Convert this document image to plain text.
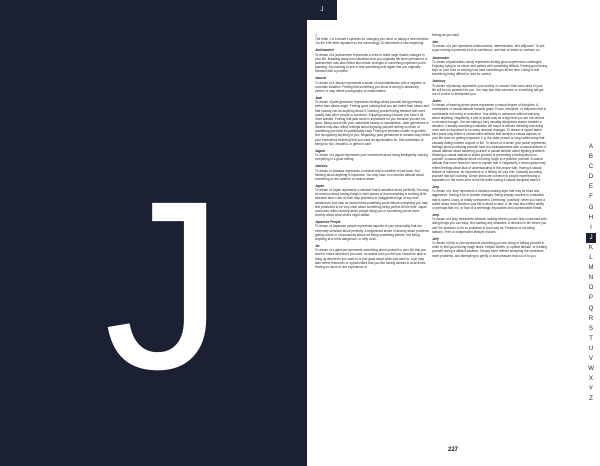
J
J
J
The letter J is a dream's symbols for changing you mind, or taking a new direction. J is the 10th letter alphabet so the numerology 10 represents a new beginning.
Jackhammer
To dream of a jackhammer represents a need to make large drastic changes in your life. Breaking away from situations that you originally felt were permanent. A jackhammer may also reflect last minute changes to something important you're planning. Not wanting to see or feel something ever again that you originally followed with a problem.
Jacuzzi
To dream of a Jacuzzi represents a sense of total satisfaction with a negative or uncertain situation. Feeling that something you know is wrong is absolutely perfect. It may reflect pornography or masturbation.
Jade
To dream of jade gemstone represents feelings about yourself being perfectly better than others might. Feeling good noticing that you are better than others and that nobody can do anything about it. Noticing yourself being blessed with more quality than other people or someone. Enjoying having it known you have it all more wanted. Feeling that jade stone is impossible for you because you are too good. Being bored with your noticeable beauty or specialness. Jade gemstones in dreams may also reflect feelings about enjoying yourself seeing so much of something you think it's pathetically easy. Feeling of enemies unable to get faith. Not recognizing anything to you. Negatively, jade gemstones in dreams may reflect your experience believing that you have an appreciation for. Self-admiration of being too rich, beautiful, or gifted to care.
Jaguar
To dream of a jaguar represents your excitement about being intelligently noticing everything in a good setting.
Jamaica
To dream of Jamaica represents a mindset that is carefree or laid back. Not thinking about anything is important. You may have a no-worries attitude about something or are carefree to various about.
Japan
To dream of Japan represents a mindset that is sensitive about perfectly. You may be nervous about having things in their places or that everything is working at its absolute best. Lack of work may problems or exaggerated sign of any kind whatsoever and may be worried that something could disturb everything you may feel pressured to be very clear about something being perfect all the time. Japan could also reflect anxiety about people liking you or something you've done. Anxiety about what others might dislike.
Japanese People
To dream of Japanese people represents aspects of your personality that are extremely sensitive about perfectly. A heightened sense of anxiety about problems getting worse or nervousness about not being something perfect. Not being anything at is feels dangerous, or dirty at all.
Jar
To dream of a glass jar represents something about yourself or your life that you want to notice whenever you want. As assets that you feel you should be able to bring up whenever you want to or feel good about when you want to. A jar may also reflect resources or opportunities that you like having access to at all times. Having so much of one experience or
feeling as you want.
Jaw
To dream of a jaw represents stubbornness, determination, and willpower. To see a jaw moving represents a lot of confidence, and lack of desire to continue on.
Jawbreaker
To dream of jawbreaker candy represents finding good experiences challenges. Enjoying trying to be clever and patient with something difficult. Feeling good being kept on your toes or noticing how hard something is all the time. Liking to feel something being difficult to lead for control.
Jealousy
To dream of jealousy represents your anxiety or concern that some area of your life will be too powerful for you. You may fear that someone or something will get out of control or embarrass you.
Jeans
To dream of wearing denim jeans represents a casual degree of discipline. A comfortable or casual attitude towards goals. Focus, discipline, or willpower that is comfortable not overly to overrated. Your ability to persevere without worrying about anything. Negatively, a pair of jeans may be a sign that you are not serious or focused enough. You are taking a very casually disciplined stance towards a situation. Casually accepting a situation the way it is without believing that doing more was so important to so many demand changes. To dream of ripped faded blue jeans may reflect a conservative attitude that accepts a casual aspects of your life once for getting important, e.g. the older person or long habits being that casually dating matters anyone or life. To dream of a denim your jacket represents feelings about protecting yourself from an unpleasantness with a casual attitude. A casual attitude about asserting yourself. A casual attitude about fighting problems. Wearing a casual attitude to shield yourself or preventing a feeling about on yourself. A casual attitude about not being tough to a problem yourself. A casual attitude that never feels the need to explain that it. Negatively, a denim jacket may reflect feelings about lack of understanding of the people with. Having a casual feature of someone, an experience or a feeling for your line. Casually sounding yourself that isn't working. Denim jeans are common to people experiencing a separation in the some area of the life while having a casual discipline about it.
Jeep
To dream of a Jeep represents a decision-making style that may be blunt and aggressive. Having a lot of sudden changes. Being sharply reactive in a situation that is varied, crazy, or totally unexpected. Deflecting "positivity" when you have a subtle about most direction your life is about to take. A Jet may also reflect ability or perhaps that it is, or flow of a seemingly impossible and unpredictable threat.
Jeep
To dream of a jeep represents decision making where you are only concerned with doing things you can easy. Not wanting any obstacles. A direction in life where you can't be stubborn to do so problems in such way as. Freedom or not liking stations. Free or independent lifestyle choices.
Jelly
To dream of jelly or jam represents something you are doing or talking yourself in order to feel good during tough times. Helpful beliefs, or upbeat attitude, or treating yourself during a difficult situation. Deeply more reflects accepting the conditions more problems, and attempting to gently or lose pleasure that out of to you.
A
B
C
D
E
F
G
H
I
J
K
L
M
N
O
P
Q
R
S
T
U
V
W
X
Y
Z
227
